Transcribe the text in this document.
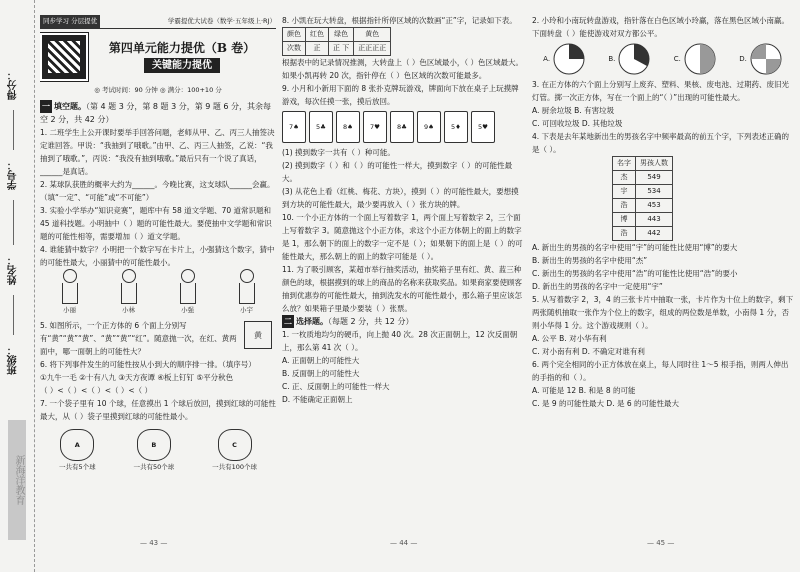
得分：
学号：
姓名：
班级：
新海洋教育
同步学习 分层提优	学霸提优大试卷（数学·五年级上·RJ）
第四单元能力提优（B 卷）
关键能力提优
◎ 考试时间：90 分钟 ◎ 满分：100+10 分

一 填空题。（第 4 题 3 分，第 8 题 3 分，第 9 题 6 分，其余每空 2 分，共 42 分）

1. 二班学生上公开课时要举手回答问题，老师从甲、乙、丙三人抽签决定谁回答。甲说：“我抽到了哦歌。”由甲、乙、丙三人抽签，乙说：“我抽到了哦歌。”，丙说：“我没有抽到哦歌。”最后只有一个说了真话，______是真话。

2. 某球队获胜的概率大约为______。今晚比赛，这支球队______会赢。（填“一定”、“可能”或“不可能”）

3. 实验小学举办“知识竞赛”，题库中有 58 道文学题、70 道常识题和 45 道科技题。小明抽中（ ）题的可能性最大。要使抽中文学题和常识题的可能性相等，需要增加（ ）道文学题。

4. 谁能猜中数字？小明把一个数字写在卡片上，小强猜这个数字，猜中的可能性最大，小丽猜中的可能性最小。

小丽	小林	小强	小宇
黄

5. 如图所示，一个正方体的 6 个面上分别写有“黄”“黄”“黄”、“黄”“黄”“红”。随意抛一次，在红、黄两面中，哪一面朝上的可能性大？

6. 将下列事件发生的可能性按从小到大的顺序排一排。（填序号）

①九牛一毛 ②十有八九 ③天方夜谭 ④板上钉钉 ⑤平分秋色

（ ）<（ ）<（ ）<（ ）<（ ）

7. 一个袋子里有 10 个球，任意摸出 1 个球后放回，摸到红球的可能性最大，从（ ）袋子里摸到红球的可能性最小。

A
一共有5个球
B
一共有50个球
C
一共有100个球
— 43 —

8. 小凯在玩大转盘，根据指针所停区域的次数画“正”字，记录如下表。

颜色	红色	绿色	黄色
次数	正	正 下	正正正正

根据表中的记录情况推测，大转盘上（ ）色区域最小，（ ）色区域最大。如果小凯再转 20 次，指针停在（ ）色区域的次数可能最多。

9. 小月和小新用下面的 8 张扑克牌玩游戏，牌面向下放在桌子上玩摸牌游戏，每次任摸一张，摸后放回。

7♠	5♣	8♠	7♥	8♣	9♠	5♦	5♥

(1) 摸到数字一共有（ ）种可能。

(2) 摸到数字（ ）和（ ）的可能性一样大，摸到数字（ ）的可能性最大。

(3) 从花色上看（红桃、梅花、方块），摸到（ ）的可能性最大，要想摸到方块的可能性最大，最少要再放入（ ）张方块的牌。

10. 一个小正方体的一个面上写着数字 1，两个面上写着数字 2，三个面上写着数字 3。随意抛这个小正方体，求这个小正方体朝上的面上的数字是 1，那么朝下的面上的数字一定不是（ ）；如果朝下的面上是（ ）的可能性最大，那么朝上的面上的数字可能是（ ）。

11. 为了吸引顾客，某超市举行抽奖活动，抽奖箱子里有红、黄、蓝三种颜色的球，根据摸到的球上的商品的名称来获取奖品。如果商家要使顾客抽到优惠券的可能性最大，抽到洗发水的可能性最小，那么箱子里应该怎么放？如果箱子里最少要装（ ）张票。

二 选择题。（每题 2 分，共 12 分）

1. 一枚质地均匀的硬币，向上抛 40 次。28 次正面朝上，12 次反面朝上，那么第 41 次（ ）。

A. 正面朝上的可能性大

B. 反面朝上的可能性大

C. 正、反面朝上的可能性一样大

D. 不能确定正面朝上

— 44 —

2. 小玲和小南玩转盘游戏，指针落在白色区域小玲赢，落在黑色区域小南赢。下面转盘（ ）能使游戏对双方都公平。

A.	B.	C.	D.

3. 在正方体的六个面上分别写上废弃、塑料、果核、废电池、过期药、废旧光灯管。掷一次正方体，写在一个面上的“（ ）”出现的可能性最大。

A. 厨余垃圾 B. 有害垃圾

C. 可回收垃圾 D. 其他垃圾

4. 下表是去年某地新出生的男孩名字中频率最高的前五个字，下列表述正确的是（ ）。

名字	男孩人数
杰	549
宇	534
浩	453
博	443
浩	442

A. 新出生的男孩的名字中使用“宇”的可能性比使用“博”的要大

B. 新出生的男孩的名字中使用“杰”

C. 新出生的男孩的名字中使用“浩”的可能性比使用“浩”的要小

D. 新出生的男孩的名字中一定使用“宇”

5. 从写着数字 2，3，4 的三张卡片中抽取一张，卡片作为十位上的数字，剩下两张随机抽取一张作为个位上的数字，组成的两位数是单数，小南得 1 分，否则小华得 1 分。这个游戏规则（ ）。

A. 公平 B. 对小华有利

C. 对小南有利 D. 不确定对谁有利

6. 两个完全相同的小正方体放在桌上，每人同时往 1～5 根手指，则两人伸出的手指的和（ ）。

A. 可能是 12 B. 和是 8 的可能

C. 是 9 的可能性最大 D. 是 6 的可能性最大

— 45 —
